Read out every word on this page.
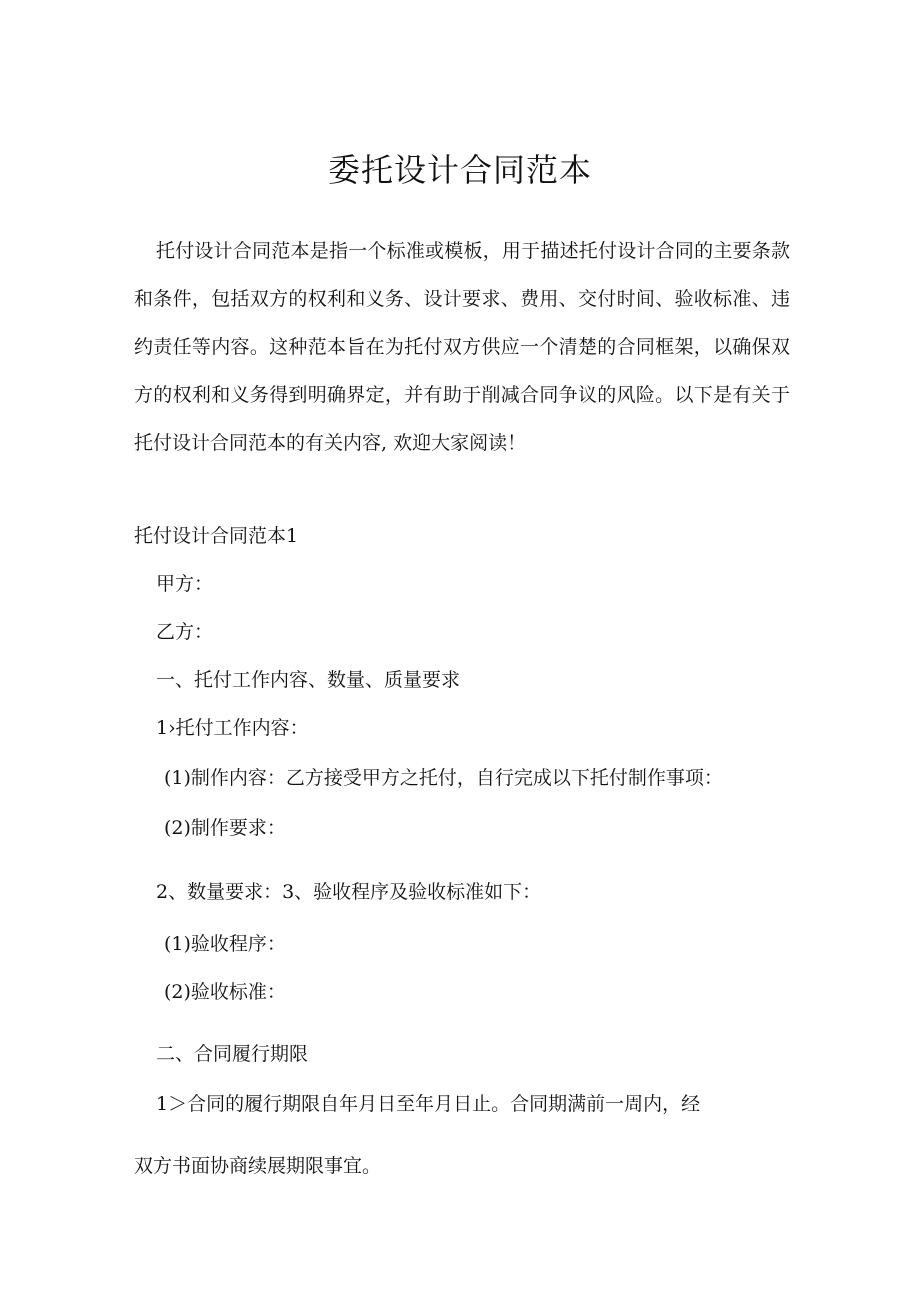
委托设计合同范本

托付设计合同范本是指一个标准或模板，用于描述托付设计合同的主要条款和条件，包括双方的权利和义务、设计要求、费用、交付时间、验收标准、违约责任等内容。这种范本旨在为托付双方供应一个清楚的合同框架，以确保双方的权利和义务得到明确界定，并有助于削减合同争议的风险。以下是有关于托付设计合同范本的有关内容, 欢迎大家阅读！

托付设计合同范本1

甲方：

乙方：

一、托付工作内容、数量、质量要求

1›托付工作内容：

(1)制作内容：乙方接受甲方之托付，自行完成以下托付制作事项：

(2)制作要求：

2、数量要求：3、验收程序及验收标准如下：

(1)验收程序：

(2)验收标准：

二、合同履行期限

1＞合同的履行期限自年月日至年月日止。合同期满前一周内，经

双方书面协商续展期限事宜。
